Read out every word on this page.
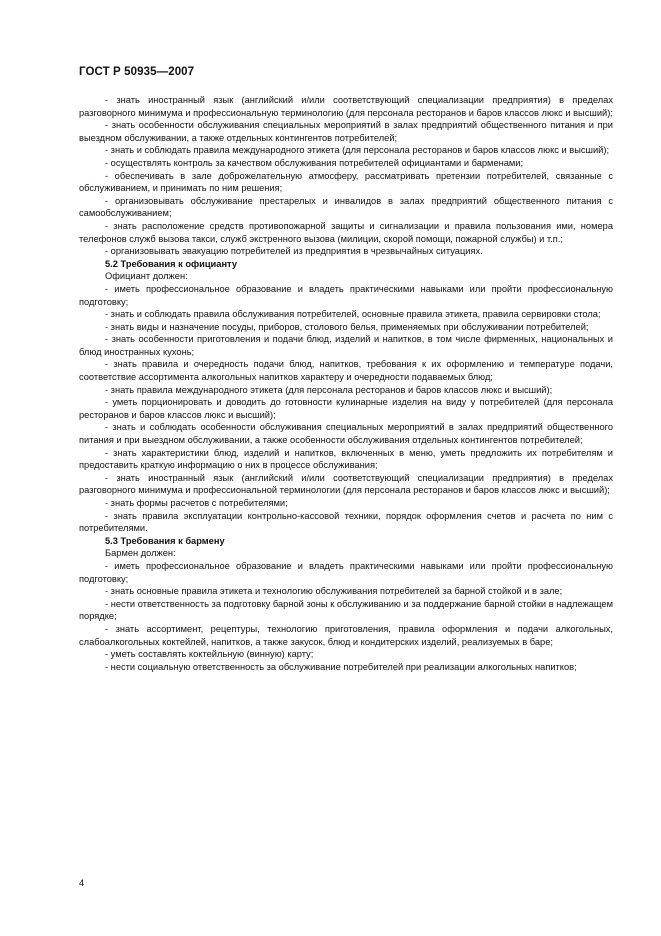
ГОСТ Р 50935—2007

- знать иностранный язык (английский и/или соответствующий специализации предприятия) в пределах разговорного минимума и профессиональную терминологию (для персонала ресторанов и баров классов люкс и высший);

- знать особенности обслуживания специальных мероприятий в залах предприятий общественного питания и при выездном обслуживании, а также отдельных контингентов потребителей;

- знать и соблюдать правила международного этикета (для персонала ресторанов и баров классов люкс и высший);

- осуществлять контроль за качеством обслуживания потребителей официантами и барменами;

- обеспечивать в зале доброжелательную атмосферу, рассматривать претензии потребителей, связанные с обслуживанием, и принимать по ним решения;

- организовывать обслуживание престарелых и инвалидов в залах предприятий общественного питания с самообслуживанием;

- знать расположение средств противопожарной защиты и сигнализации и правила пользования ими, номера телефонов служб вызова такси, служб экстренного вызова (милиции, скорой помощи, пожарной службы) и т.п.;

- организовывать эвакуацию потребителей из предприятия в чрезвычайных ситуациях.

5.2 Требования к официанту

Официант должен:

- иметь профессиональное образование и владеть практическими навыками или пройти профессиональную подготовку;

- знать и соблюдать правила обслуживания потребителей, основные правила этикета, правила сервировки стола;

- знать виды и назначение посуды, приборов, столового белья, применяемых при обслуживании потребителей;

- знать особенности приготовления и подачи блюд, изделий и напитков, в том числе фирменных, национальных и блюд иностранных кухонь;

- знать правила и очередность подачи блюд, напитков, требования к их оформлению и температуре подачи, соответствие ассортимента алкогольных напитков характеру и очередности подаваемых блюд;

- знать правила международного этикета (для персонала ресторанов и баров классов люкс и высший);

- уметь порционировать и доводить до готовности кулинарные изделия на виду у потребителей (для персонала ресторанов и баров классов люкс и высший);

- знать и соблюдать особенности обслуживания специальных мероприятий в залах предприятий общественного питания и при выездном обслуживании, а также особенности обслуживания отдельных контингентов потребителей;

- знать характеристики блюд, изделий и напитков, включенных в меню, уметь предложить их потребителям и предоставить краткую информацию о них в процессе обслуживания;

- знать иностранный язык (английский и/или соответствующий специализации предприятия) в пределах разговорного минимума и профессиональной терминологии (для персонала ресторанов и баров классов люкс и высший);

- знать формы расчетов с потребителями;

- знать правила эксплуатации контрольно-кассовой техники, порядок оформления счетов и расчета по ним с потребителями.

5.3 Требования к бармену

Бармен должен:

- иметь профессиональное образование и владеть практическими навыками или пройти профессиональную подготовку;

- знать основные правила этикета и технологию обслуживания потребителей за барной стойкой и в зале;

- нести ответственность за подготовку барной зоны к обслуживанию и за поддержание барной стойки в надлежащем порядке;

- знать ассортимент, рецептуры, технологию приготовления, правила оформления и подачи алкогольных, слабоалкогольных коктейлей, напитков, а также закусок, блюд и кондитерских изделий, реализуемых в баре;

- уметь составлять коктейльную (винную) карту;

- нести социальную ответственность за обслуживание потребителей при реализации алкогольных напитков;

4
